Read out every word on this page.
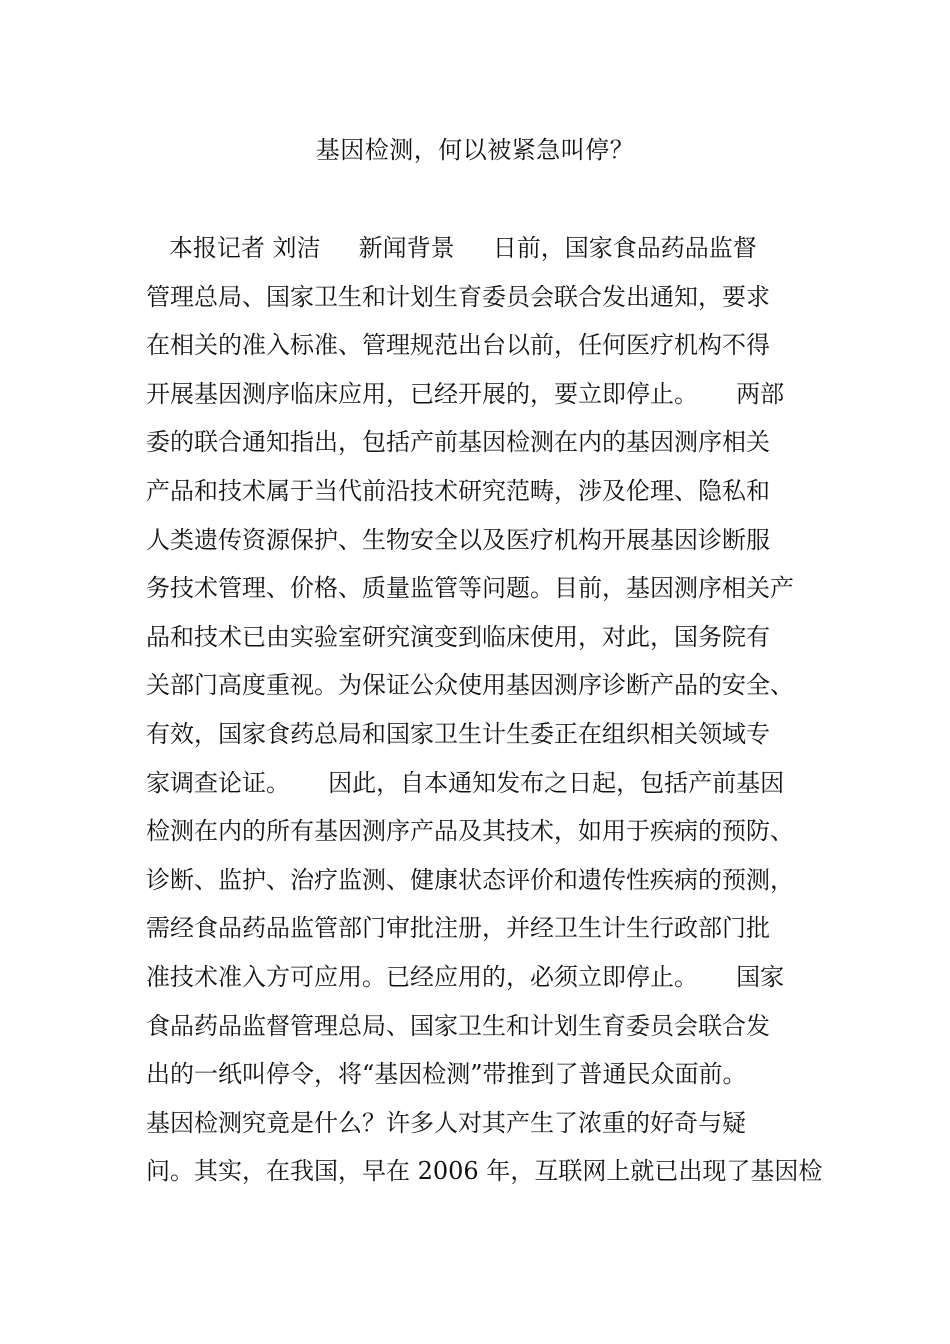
基因检测，何以被紧急叫停？
本报记者 刘洁     新闻背景     日前，国家食品药品监督
管理总局、国家卫生和计划生育委员会联合发出通知，要求
在相关的准入标准、管理规范出台以前，任何医疗机构不得
开展基因测序临床应用，已经开展的，要立即停止。     两部
委的联合通知指出，包括产前基因检测在内的基因测序相关
产品和技术属于当代前沿技术研究范畴，涉及伦理、隐私和
人类遗传资源保护、生物安全以及医疗机构开展基因诊断服
务技术管理、价格、质量监管等问题。目前，基因测序相关产
品和技术已由实验室研究演变到临床使用，对此，国务院有
关部门高度重视。为保证公众使用基因测序诊断产品的安全、
有效，国家食药总局和国家卫生计生委正在组织相关领域专
家调查论证。     因此，自本通知发布之日起，包括产前基因
检测在内的所有基因测序产品及其技术，如用于疾病的预防、
诊断、监护、治疗监测、健康状态评价和遗传性疾病的预测，
需经食品药品监管部门审批注册，并经卫生计生行政部门批
准技术准入方可应用。已经应用的，必须立即停止。     国家
食品药品监督管理总局、国家卫生和计划生育委员会联合发
出的一纸叫停令，将“基因检测”带推到了普通民众面前。
基因检测究竟是什么？许多人对其产生了浓重的好奇与疑
问。其实，在我国，早在 2006 年，互联网上就已出现了基因检
